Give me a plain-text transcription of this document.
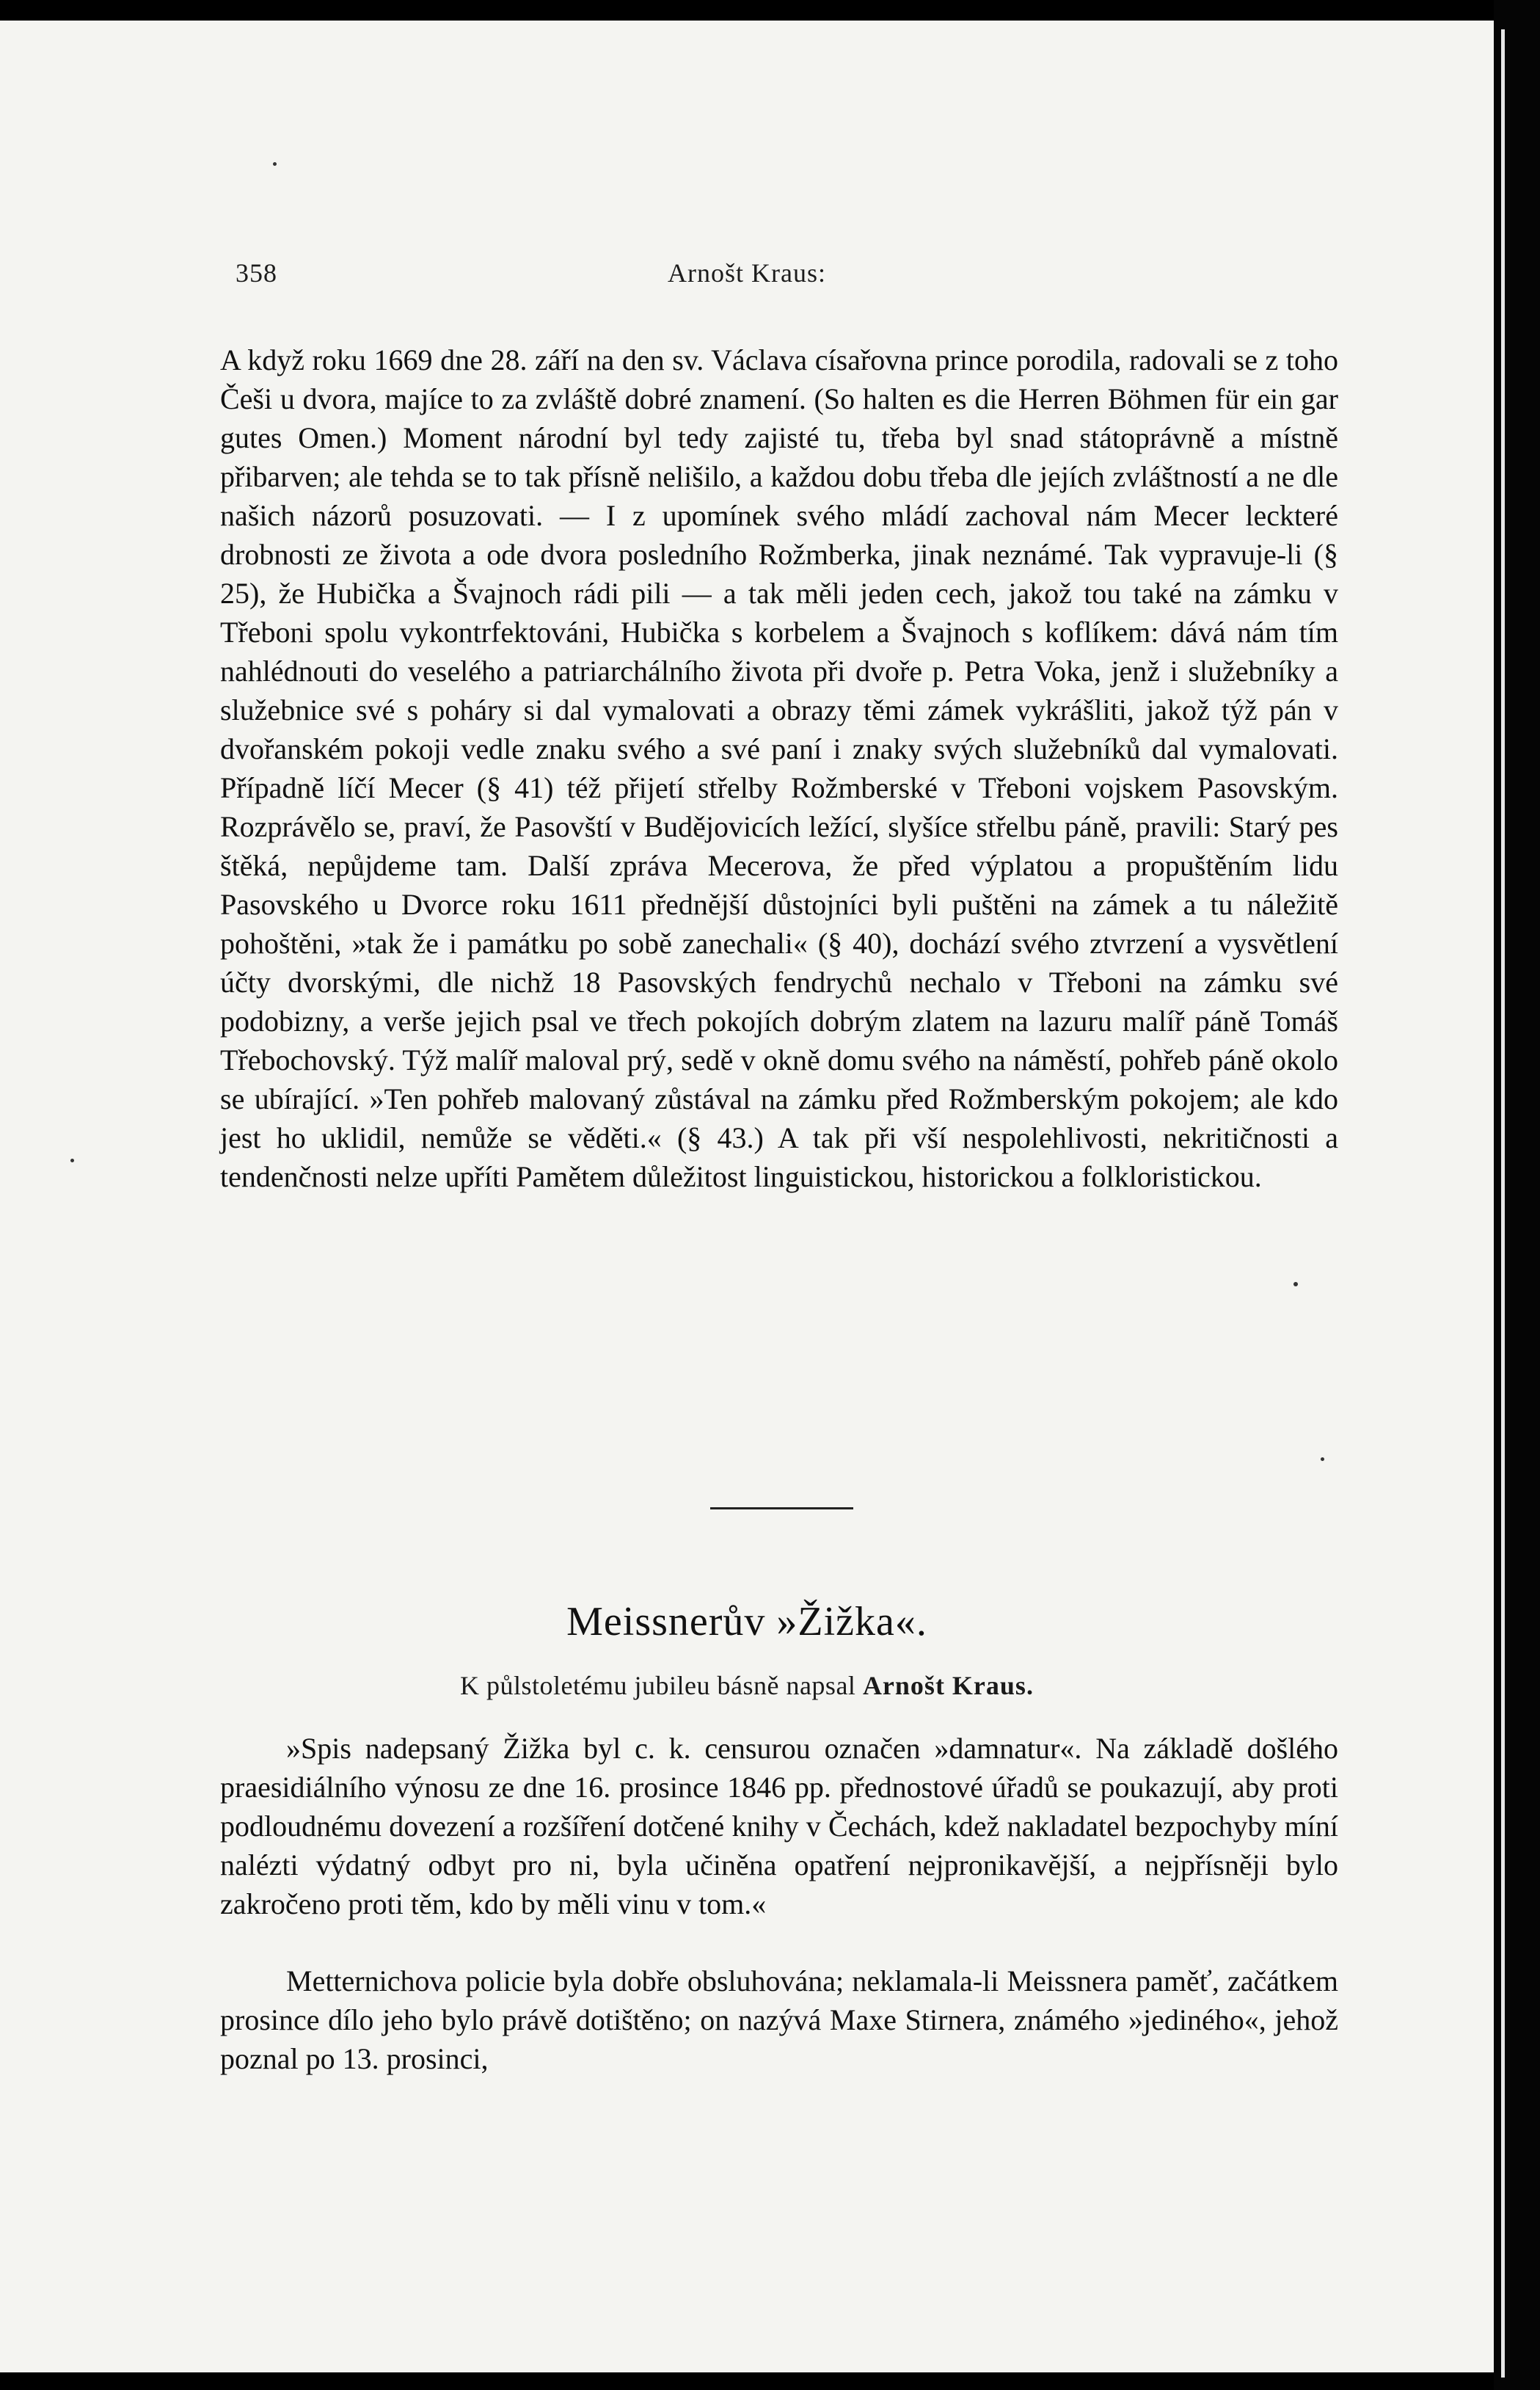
358	Arnošt Kraus:

A když roku 1669 dne 28. září na den sv. Václava císařovna prince porodila, radovali se z toho Češi u dvora, majíce to za zvláště dobré znamení. (So halten es die Herren Böhmen für ein gar gutes Omen.) Moment národní byl tedy zajisté tu, třeba byl snad státoprávně a místně přibarven; ale tehda se to tak přísně nelišilo, a každou dobu třeba dle jejích zvláštností a ne dle našich názorů posuzovati. — I z upomínek svého mládí zachoval nám Mecer leckteré drobnosti ze života a ode dvora posledního Rožmberka, jinak neznámé. Tak vypravuje-li (§ 25), že Hubička a Švajnoch rádi pili — a tak měli jeden cech, jakož tou také na zámku v Třeboni spolu vykontrfektováni, Hubička s korbelem a Švajnoch s koflíkem: dává nám tím nahlédnouti do veselého a patriarchálního života při dvoře p. Petra Voka, jenž i služebníky a služebnice své s poháry si dal vymalovati a obrazy těmi zámek vykrášliti, jakož týž pán v dvořanském pokoji vedle znaku svého a své paní i znaky svých služebníků dal vymalovati. Případně líčí Mecer (§ 41) též přijetí střelby Rožmberské v Třeboni vojskem Pasovským. Rozprávělo se, praví, že Pasovští v Budějovicích ležící, slyšíce střelbu páně, pravili: Starý pes štěká, nepůjdeme tam. Další zpráva Mecerova, že před výplatou a propuštěním lidu Pasovského u Dvorce roku 1611 přednější důstojníci byli puštěni na zámek a tu náležitě pohoštěni, »tak že i památku po sobě zanechali« (§ 40), dochází svého ztvrzení a vysvětlení účty dvorskými, dle nichž 18 Pasovských fendrychů nechalo v Třeboni na zámku své podobizny, a verše jejich psal ve třech pokojích dobrým zlatem na lazuru malíř páně Tomáš Třebochovský. Týž malíř maloval prý, sedě v okně domu svého na náměstí, pohřeb páně okolo se ubírající. »Ten pohřeb malovaný zůstával na zámku před Rožmberským pokojem; ale kdo jest ho uklidil, nemůže se věděti.« (§ 43.) A tak při vší nespolehlivosti, nekritičnosti a tendenčnosti nelze upříti Pamětem důležitost linguistickou, historickou a folkloristickou.

Meissnerův »Žižka«.

K půlstoletému jubileu básně napsal Arnošt Kraus.

»Spis nadepsaný Žižka byl c. k. censurou označen »damnatur«. Na základě došlého praesidiálního výnosu ze dne 16. prosince 1846 pp. přednostové úřadů se poukazují, aby proti podloudnému dovezení a rozšíření dotčené knihy v Čechách, kdež nakladatel bezpochyby míní nalézti výdatný odbyt pro ni, byla učiněna opatření nejpronikavější, a nejpřísněji bylo zakročeno proti těm, kdo by měli vinu v tom.«

Metternichova policie byla dobře obsluhována; neklamala-li Meissnera paměť, začátkem prosince dílo jeho bylo právě dotištěno; on nazývá Maxe Stirnera, známého »jediného«, jehož poznal po 13. prosinci,
